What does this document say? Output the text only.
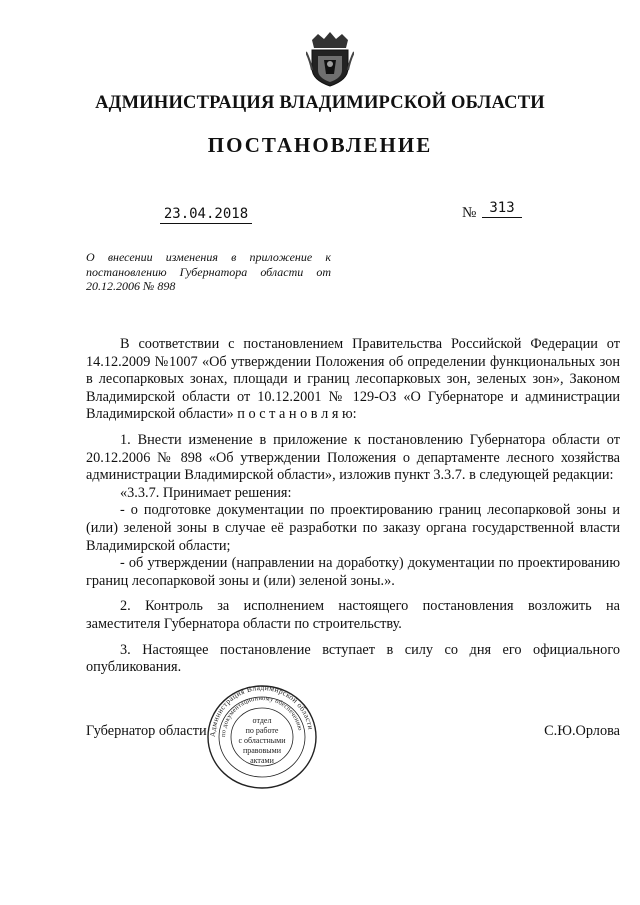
АДМИНИСТРАЦИЯ ВЛАДИМИРСКОЙ ОБЛАСТИ
ПОСТАНОВЛЕНИЕ
23.04.2018	№ 313
О внесении изменения в приложение к постановлению Губернатора области от 20.12.2006 № 898

В соответствии с постановлением Правительства Российской Федерации от 14.12.2009 №1007 «Об утверждении Положения об определении функциональных зон в лесопарковых зонах, площади и границ лесопарковых зон, зеленых зон», Законом Владимирской области от 10.12.2001 № 129-ОЗ «О Губернаторе и администрации Владимирской области» п о с т а н о в л я ю:

1. Внести изменение в приложение к постановлению Губернатора области от 20.12.2006 № 898 «Об утверждении Положения о департаменте лесного хозяйства администрации Владимирской области», изложив пункт 3.3.7. в следующей редакции:

«3.3.7. Принимает решения:

- о подготовке документации по проектированию границ лесопарковой зоны и (или) зеленой зоны в случае её разработки по заказу органа государственной власти Владимирской области;

- об утверждении (направлении на доработку) документации по проектированию границ лесопарковой зоны и (или) зеленой зоны.».

2. Контроль за исполнением настоящего постановления возложить на заместителя Губернатора области по строительству.

3. Настоящее постановление вступает в силу со дня его официального опубликования.

Губернатор области	С.Ю.Орлова
Администрация Владимирской области
по документационному обеспечению
отдел
по работе
с областными
правовыми
актами
